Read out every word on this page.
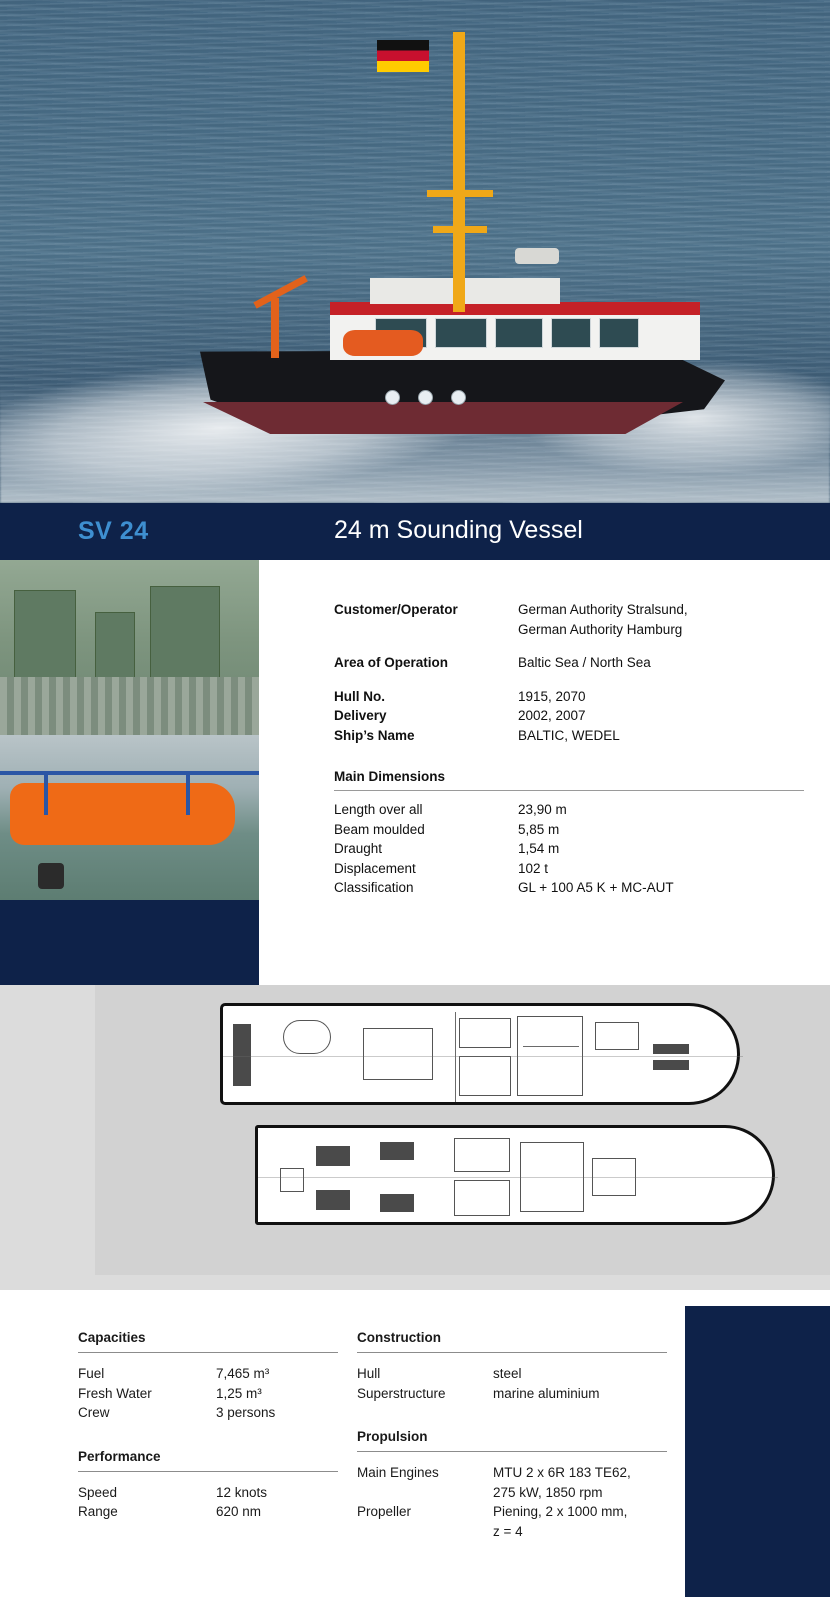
SV 24	24 m Sounding Vessel
Customer/Operator	German Authority Stralsund,
German Authority Hamburg
Area of Operation	Baltic Sea / North Sea
Hull No.	1915, 2070
Delivery	2002, 2007
Ship’s Name	BALTIC, WEDEL
Main Dimensions
Length over all	23,90 m
Beam moulded	5,85 m
Draught	1,54 m
Displacement	102 t
Classification	GL + 100 A5 K + MC-AUT
Capacities
Fuel	7,465 m³
Fresh Water	1,25 m³
Crew	3 persons
Performance
Speed	12 knots
Range	620 nm
Construction
Hull	steel
Superstructure	marine aluminium
Propulsion
Main Engines	MTU 2 x 6R 183 TE62,
275 kW, 1850 rpm
Propeller	Piening, 2 x 1000 mm,
z = 4
